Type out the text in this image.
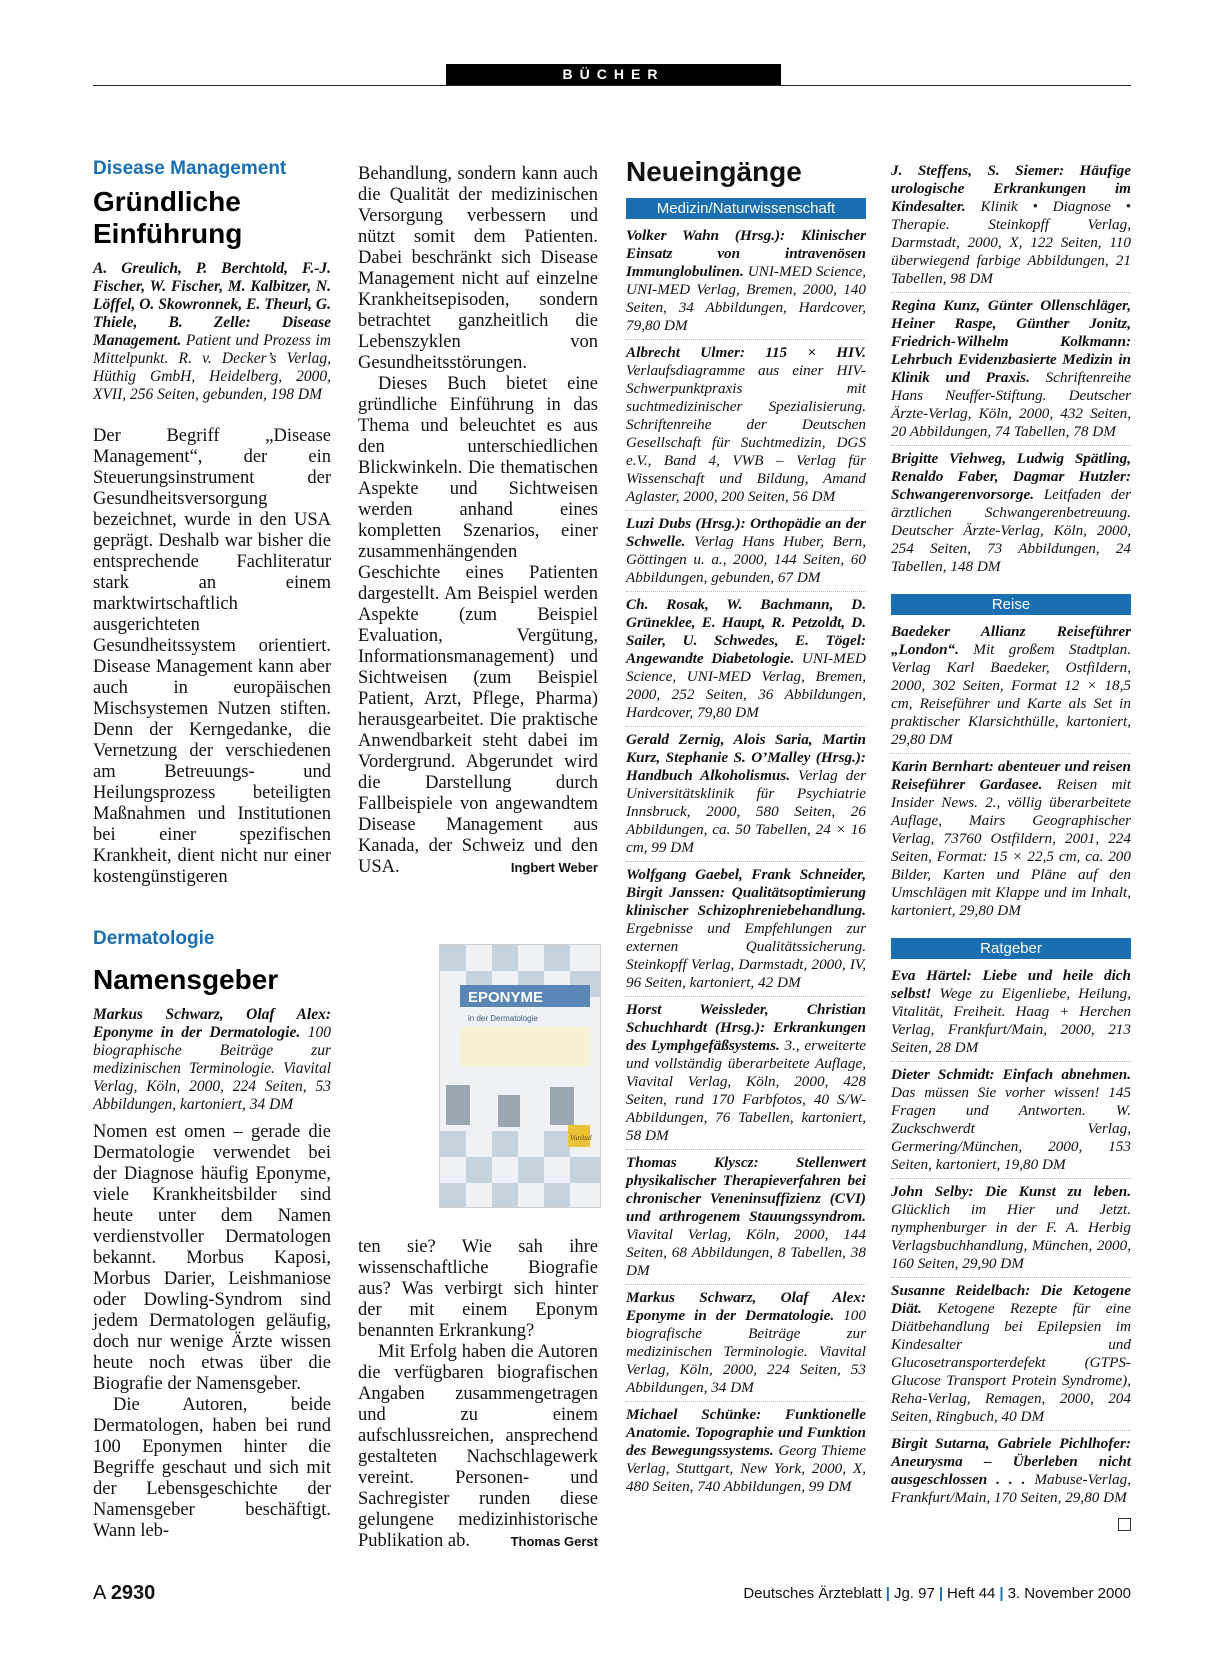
BÜCHER

Disease Management

Gründliche
Einführung

A. Greulich, P. Berchtold, F.-J. Fischer, W. Fischer, M. Kalbitzer, N. Löffel, O. Skowronnek, E. Theurl, G. Thiele, B. Zelle: Disease Management. Patient und Prozess im Mittelpunkt. R. v. Decker’s Verlag, Hüthig GmbH, Heidelberg, 2000, XVII, 256 Seiten, gebunden, 198 DM

Der Begriff „Disease Management“, der ein Steuerungsinstrument der Gesundheitsversorgung bezeichnet, wurde in den USA geprägt. Deshalb war bisher die entsprechende Fachliteratur stark an einem marktwirtschaftlich ausgerichteten Gesundheitssystem orientiert. Disease Management kann aber auch in europäischen Mischsystemen Nutzen stiften. Denn der Kerngedanke, die Vernetzung der verschiedenen am Betreuungs- und Heilungsprozess beteiligten Maßnahmen und Institutionen bei einer spezifischen Krankheit, dient nicht nur einer kostengünstigeren

Behandlung, sondern kann auch die Qualität der medizinischen Versorgung verbessern und nützt somit dem Patienten. Dabei beschränkt sich Disease Management nicht auf einzelne Krankheitsepisoden, sondern betrachtet ganzheitlich die Lebenszyklen von Gesundheitsstörungen.

Dieses Buch bietet eine gründliche Einführung in das Thema und beleuchtet es aus den unterschiedlichen Blickwinkeln. Die thematischen Aspekte und Sichtweisen werden anhand eines kompletten Szenarios, einer zusammenhängenden Geschichte eines Patienten dargestellt. Am Beispiel werden Aspekte (zum Beispiel Evaluation, Vergütung, Informationsmanagement) und Sichtweisen (zum Beispiel Patient, Arzt, Pflege, Pharma) herausgearbeitet. Die praktische Anwendbarkeit steht dabei im Vordergrund. Abgerundet wird die Darstellung durch Fallbeispiele von angewandtem Disease Management aus Kanada, der Schweiz und den USA.	Ingbert Weber

Dermatologie

Namensgeber

Markus Schwarz, Olaf Alex: Eponyme in der Dermatologie. 100 biographische Beiträge zur medizinischen Terminologie. Viavital Verlag, Köln, 2000, 224 Seiten, 53 Abbildungen, kartoniert, 34 DM

Nomen est omen – gerade die Dermatologie verwendet bei der Diagnose häufig Eponyme, viele Krankheitsbilder sind heute unter dem Namen verdienstvoller Dermatologen bekannt. Morbus Kaposi, Morbus Darier, Leishmaniose oder Dowling-Syndrom sind jedem Dermatologen geläufig, doch nur wenige Ärzte wissen heute noch etwas über die Biografie der Namensgeber.

Die Autoren, beide Dermatologen, haben bei rund 100 Eponymen hinter die Begriffe geschaut und sich mit der Lebensgeschichte der Namensgeber beschäftigt. Wann leb-

EPONYME
in der Dermatologie
Viavital

ten sie? Wie sah ihre wissenschaftliche Biografie aus? Was verbirgt sich hinter der mit einem Eponym benannten Erkrankung?

Mit Erfolg haben die Autoren die verfügbaren biografischen Angaben zusammengetragen und zu einem aufschlussreichen, ansprechend gestalteten Nachschlagewerk vereint. Personen- und Sachregister runden diese gelungene medizinhistorische Publikation ab.	Thomas Gerst
Neueingänge
Medizin/Naturwissenschaft

Volker Wahn (Hrsg.): Klinischer Einsatz von intravenösen Immunglobulinen. UNI-MED Science, UNI-MED Verlag, Bremen, 2000, 140 Seiten, 34 Abbildungen, Hardcover, 79,80 DM

Albrecht Ulmer: 115 × HIV. Verlaufsdiagramme aus einer HIV-Schwerpunktpraxis mit suchtmedizinischer Spezialisierung. Schriftenreihe der Deutschen Gesellschaft für Suchtmedizin, DGS e.V., Band 4, VWB – Verlag für Wissenschaft und Bildung, Amand Aglaster, 2000, 200 Seiten, 56 DM

Luzi Dubs (Hrsg.): Orthopädie an der Schwelle. Verlag Hans Huber, Bern, Göttingen u. a., 2000, 144 Seiten, 60 Abbildungen, gebunden, 67 DM

Ch. Rosak, W. Bachmann, D. Grüneklee, E. Haupt, R. Petzoldt, D. Sailer, U. Schwedes, E. Tögel: Angewandte Diabetologie. UNI-MED Science, UNI-MED Verlag, Bremen, 2000, 252 Seiten, 36 Abbildungen, Hardcover, 79,80 DM

Gerald Zernig, Alois Saria, Martin Kurz, Stephanie S. O’Malley (Hrsg.): Handbuch Alkoholismus. Verlag der Universitätsklinik für Psychiatrie Innsbruck, 2000, 580 Seiten, 26 Abbildungen, ca. 50 Tabellen, 24 × 16 cm, 99 DM

Wolfgang Gaebel, Frank Schneider, Birgit Janssen: Qualitätsoptimierung klinischer Schizophreniebehandlung. Ergebnisse und Empfehlungen zur externen Qualitätssicherung. Steinkopff Verlag, Darmstadt, 2000, IV, 96 Seiten, kartoniert, 42 DM

Horst Weissleder, Christian Schuchhardt (Hrsg.): Erkrankungen des Lymphgefäßsystems. 3., erweiterte und vollständig überarbeitete Auflage, Viavital Verlag, Köln, 2000, 428 Seiten, rund 170 Farbfotos, 40 S/W-Abbildungen, 76 Tabellen, kartoniert, 58 DM

Thomas Klyscz: Stellenwert physikalischer Therapieverfahren bei chronischer Veneninsuffizienz (CVI) und arthrogenem Stauungssyndrom. Viavital Verlag, Köln, 2000, 144 Seiten, 68 Abbildungen, 8 Tabellen, 38 DM

Markus Schwarz, Olaf Alex: Eponyme in der Dermatologie. 100 biografische Beiträge zur medizinischen Terminologie. Viavital Verlag, Köln, 2000, 224 Seiten, 53 Abbildungen, 34 DM

Michael Schünke: Funktionelle Anatomie. Topographie und Funktion des Bewegungssystems. Georg Thieme Verlag, Stuttgart, New York, 2000, X, 480 Seiten, 740 Abbildungen, 99 DM

J. Steffens, S. Siemer: Häufige urologische Erkrankungen im Kindesalter. Klinik • Diagnose • Therapie. Steinkopff Verlag, Darmstadt, 2000, X, 122 Seiten, 110 überwiegend farbige Abbildungen, 21 Tabellen, 98 DM

Regina Kunz, Günter Ollenschläger, Heiner Raspe, Günther Jonitz, Friedrich-Wilhelm Kolkmann: Lehrbuch Evidenzbasierte Medizin in Klinik und Praxis. Schriftenreihe Hans Neuffer-Stiftung. Deutscher Ärzte-Verlag, Köln, 2000, 432 Seiten, 20 Abbildungen, 74 Tabellen, 78 DM

Brigitte Viehweg, Ludwig Spätling, Renaldo Faber, Dagmar Hutzler: Schwangerenvorsorge. Leitfaden der ärztlichen Schwangerenbetreuung. Deutscher Ärzte-Verlag, Köln, 2000, 254 Seiten, 73 Abbildungen, 24 Tabellen, 148 DM

Reise

Baedeker Allianz Reiseführer „London“. Mit großem Stadtplan. Verlag Karl Baedeker, Ostfildern, 2000, 302 Seiten, Format 12 × 18,5 cm, Reiseführer und Karte als Set in praktischer Klarsichthülle, kartoniert, 29,80 DM

Karin Bernhart: abenteuer und reisen Reiseführer Gardasee. Reisen mit Insider News. 2., völlig überarbeitete Auflage, Mairs Geographischer Verlag, 73760 Ostfildern, 2001, 224 Seiten, Format: 15 × 22,5 cm, ca. 200 Bilder, Karten und Pläne auf den Umschlägen mit Klappe und im Inhalt, kartoniert, 29,80 DM

Ratgeber

Eva Härtel: Liebe und heile dich selbst! Wege zu Eigenliebe, Heilung, Vitalität, Freiheit. Haag + Herchen Verlag, Frankfurt/Main, 2000, 213 Seiten, 28 DM

Dieter Schmidt: Einfach abnehmen. Das müssen Sie vorher wissen! 145 Fragen und Antworten. W. Zuckschwerdt Verlag, Germering/München, 2000, 153 Seiten, kartoniert, 19,80 DM

John Selby: Die Kunst zu leben. Glücklich im Hier und Jetzt. nymphenburger in der F. A. Herbig Verlagsbuchhandlung, München, 2000, 160 Seiten, 29,90 DM

Susanne Reidelbach: Die Ketogene Diät. Ketogene Rezepte für eine Diätbehandlung bei Epilepsien im Kindesalter und Glucosetransporterdefekt (GTPS-Glucose Transport Protein Syndrome), Reha-Verlag, Remagen, 2000, 204 Seiten, Ringbuch, 40 DM

Birgit Sutarna, Gabriele Pichlhofer: Aneurysma – Überleben nicht ausgeschlossen . . . Mabuse-Verlag, Frankfurt/Main, 170 Seiten, 29,80 DM

A 2930	Deutsches Ärzteblatt | Jg. 97 | Heft 44 | 3. November 2000
